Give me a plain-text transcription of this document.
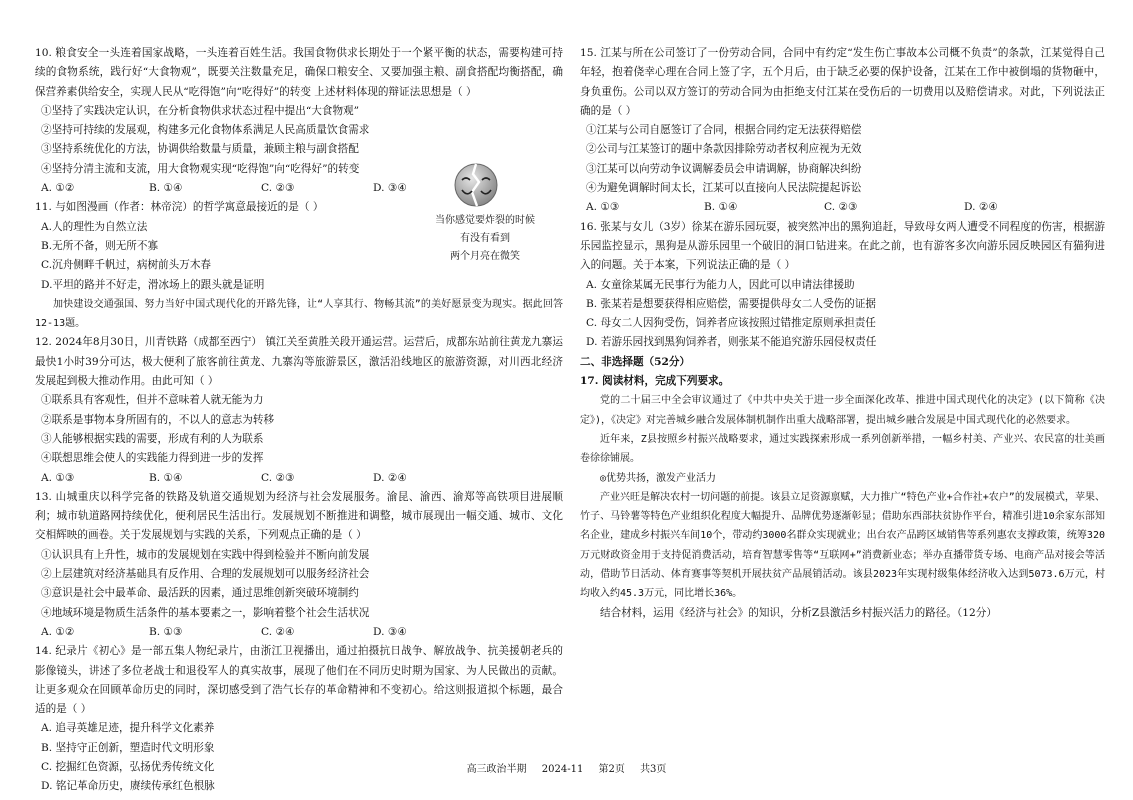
10. 粮食安全一头连着国家战略，一头连着百姓生活。我国食物供求长期处于一个紧平衡的状态，需要构建可持续的食物系统，践行好“大食物观”，既要关注数量充足，确保口粮安全、又要加强主粮、副食搭配均衡搭配，确保营养素供给安全，实现人民从“吃得饱”向“吃得好”的转变 上述材料体现的辩证法思想是（ ）

①坚持了实践决定认识，在分析食物供求状态过程中提出“大食物观”

②坚持可持续的发展观，构建多元化食物体系满足人民高质量饮食需求

③坚持系统优化的方法，协调供给数量与质量，兼顾主粮与副食搭配

④坚持分清主流和支流，用大食物观实现“吃得饱”向“吃得好”的转变

A. ①②	B. ①④	C. ②③	D. ③④

11. 与如图漫画（作者：林帝浣）的哲学寓意最接近的是（ ）

当你感觉要炸裂的时候
有没有看到
两个月亮在微笑

A.人的理性为自然立法

B.无所不备，则无所不寡

C.沉舟侧畔千帆过，病树前头万木春

D.平坦的路并不好走，滑冰场上的跟头就是证明

加快建设交通强国、努力当好中国式现代化的开路先锋，让“人享其行、物畅其流”的美好愿景变为现实。据此回答12-13题。

12. 2024年8月30日，川青铁路（成都至西宁） 镇江关至黄胜关段开通运营。运营后，成都东站前往黄龙九寨运最快1小时39分可达，极大便利了旅客前往黄龙、九寨沟等旅游景区，激活沿线地区的旅游资源，对川西北经济发展起到极大推动作用。由此可知（ ）

①联系具有客观性，但并不意味着人就无能为力

②联系是事物本身所固有的，不以人的意志为转移

③人能够根据实践的需要，形成有利的人为联系

④联想思维会使人的实践能力得到进一步的发挥

A. ①③	B. ①④	C. ②③	D. ②④

13. 山城重庆以科学完备的铁路及轨道交通规划为经济与社会发展服务。渝昆、渝西、渝郑等高铁项目进展顺利；城市轨道路网持续优化，便利居民生活出行。发展规划不断推进和调整，城市展现出一幅交通、城市、文化交相辉映的画卷。关于发展规划与实践的关系，下列观点正确的是（ ）

①认识具有上升性，城市的发展规划在实践中得到检验并不断向前发展

②上层建筑对经济基础具有反作用、合理的发展规划可以服务经济社会

③意识是社会中最革命、最活跃的因素，通过思维创新突破环境制约

④地域环境是物质生活条件的基本要素之一，影响着整个社会生活状况

A. ①②	B. ①③	C. ②④	D. ③④

14. 纪录片《初心》是一部五集人物纪录片，由浙江卫视播出，通过拍摄抗日战争、解放战争、抗美援朝老兵的影像镜头，讲述了多位老战士和退役军人的真实故事，展现了他们在不同历史时期为国家、为人民做出的贡献。让更多观众在回顾革命历史的同时，深切感受到了浩气长存的革命精神和不变初心。给这则报道拟个标题，最合适的是（ ）

A. 追寻英雄足迹，提升科学文化素养

B. 坚持守正创新，塑造时代文明形象

C. 挖掘红色资源，弘扬优秀传统文化

D. 铭记革命历史，赓续传承红色根脉

15. 江某与所在公司签订了一份劳动合同，合同中有约定“发生伤亡事故本公司概不负责”的条款，江某觉得自己年轻，抱着侥幸心理在合同上签了字，五个月后，由于缺乏必要的保护设备，江某在工作中被倒塌的货物砸中，身负重伤。公司以双方签订的劳动合同为由拒绝支付江某在受伤后的一切费用以及赔偿请求。对此，下列说法正确的是（ ）

①江某与公司自愿签订了合同，根据合同约定无法获得赔偿

②公司与江某签订的题中条款因排除劳动者权利应视为无效

③江某可以向劳动争议调解委员会申请调解，协商解决纠纷

④为避免调解时间太长，江某可以直接向人民法院提起诉讼

A. ①③	B. ①④	C. ②③	D. ②④

16. 张某与女儿（3岁）徐某在游乐园玩耍，被突然冲出的黑狗追赶，导致母女两人遭受不同程度的伤害，根据游乐园监控显示，黑狗是从游乐园里一个破旧的洞口钻进来。在此之前，也有游客多次向游乐园反映园区有猫狗进入的问题。关于本案，下列说法正确的是（ ）

A. 女童徐某属无民事行为能力人，因此可以申请法律援助

B. 张某若是想要获得相应赔偿，需要提供母女二人受伤的证据

C. 母女二人因狗受伤，饲养者应该按照过错推定原则承担责任

D. 若游乐园找到黑狗饲养者，则张某不能追究游乐园侵权责任

二、非选择题（52分）

17. 阅读材料，完成下列要求。

党的二十届三中全会审议通过了《中共中央关于进一步全面深化改革、推进中国式现代化的决定》(以下简称《决定》)，《决定》对完善城乡融合发展体制机制作出重大战略部署，提出城乡融合发展是中国式现代化的必然要求。

近年来，Z县按照乡村振兴战略要求，通过实践探索形成一系列创新举措，一幅乡村美、产业兴、农民富的壮美画卷徐徐铺展。

◎优势共扬，激发产业活力

产业兴旺是解决农村一切问题的前提。该县立足资源禀赋，大力推广“特色产业+合作社+农户”的发展模式，苹果、竹子、马铃薯等特色产业组织化程度大幅提升、品牌优势逐渐彰显；借助东西部扶贫协作平台，精准引进10余家东部知名企业，建成乡村振兴车间10个，带动约3000名群众实现就业；出台农产品跨区域销售等系列惠农支撑政策，统筹320万元财政资金用于支持促消费活动，培育智慧零售等“互联网+”消费新业态；举办直播带货专场、电商产品对接会等活动，借助节日活动、体育赛事等契机开展扶贫产品展销活动。该县2023年实现村级集体经济收入达到5073.6万元，村均收入约45.3万元，同比增长36%。

结合材料，运用《经济与社会》的知识，分析Z县激活乡村振兴活力的路径。（12分）

高三政治半期 2024-11 第2页 共3页
